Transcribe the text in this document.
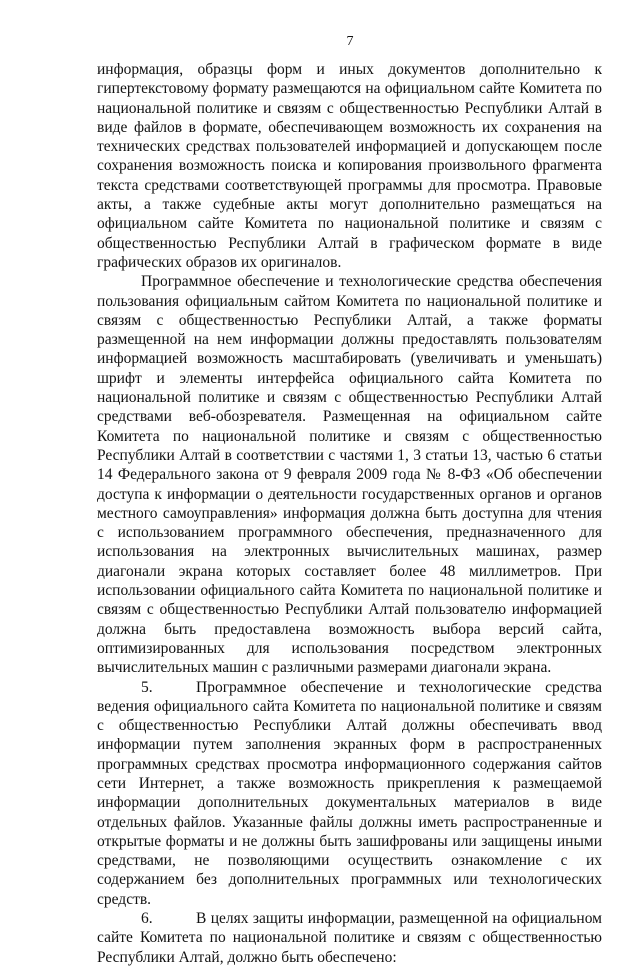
7

информация, образцы форм и иных документов дополнительно к гипертекстовому формату размещаются на официальном сайте Комитета по национальной политике и связям с общественностью Республики Алтай в виде файлов в формате, обеспечивающем возможность их сохранения на технических средствах пользователей информацией и допускающем после сохранения возможность поиска и копирования произвольного фрагмента текста средствами соответствующей программы для просмотра. Правовые акты, а также судебные акты могут дополнительно размещаться на официальном сайте Комитета по национальной политике и связям с общественностью Республики Алтай в графическом формате в виде графических образов их оригиналов.

Программное обеспечение и технологические средства обеспечения пользования официальным сайтом Комитета по национальной политике и связям с общественностью Республики Алтай, а также форматы размещенной на нем информации должны предоставлять пользователям информацией возможность масштабировать (увеличивать и уменьшать) шрифт и элементы интерфейса официального сайта Комитета по национальной политике и связям с общественностью Республики Алтай средствами веб-обозревателя. Размещенная на официальном сайте Комитета по национальной политике и связям с общественностью Республики Алтай в соответствии с частями 1, 3 статьи 13, частью 6 статьи 14 Федерального закона от 9 февраля 2009 года № 8-ФЗ «Об обеспечении доступа к информации о деятельности государственных органов и органов местного самоуправления» информация должна быть доступна для чтения с использованием программного обеспечения, предназначенного для использования на электронных вычислительных машинах, размер диагонали экрана которых составляет более 48 миллиметров. При использовании официального сайта Комитета по национальной политике и связям с общественностью Республики Алтай пользователю информацией должна быть предоставлена возможность выбора версий сайта, оптимизированных для использования посредством электронных вычислительных машин с различными размерами диагонали экрана.

5.	Программное обеспечение и технологические средства ведения официального сайта Комитета по национальной политике и связям с общественностью Республики Алтай должны обеспечивать ввод информации путем заполнения экранных форм в распространенных программных средствах просмотра информационного содержания сайтов сети Интернет, а также возможность прикрепления к размещаемой информации дополнительных документальных материалов в виде отдельных файлов. Указанные файлы должны иметь распространенные и открытые форматы и не должны быть зашифрованы или защищены иными средствами, не позволяющими осуществить ознакомление с их содержанием без дополнительных программных или технологических средств.

6.	В целях защиты информации, размещенной на официальном сайте Комитета по национальной политике и связям с общественностью Республики Алтай, должно быть обеспечено:
